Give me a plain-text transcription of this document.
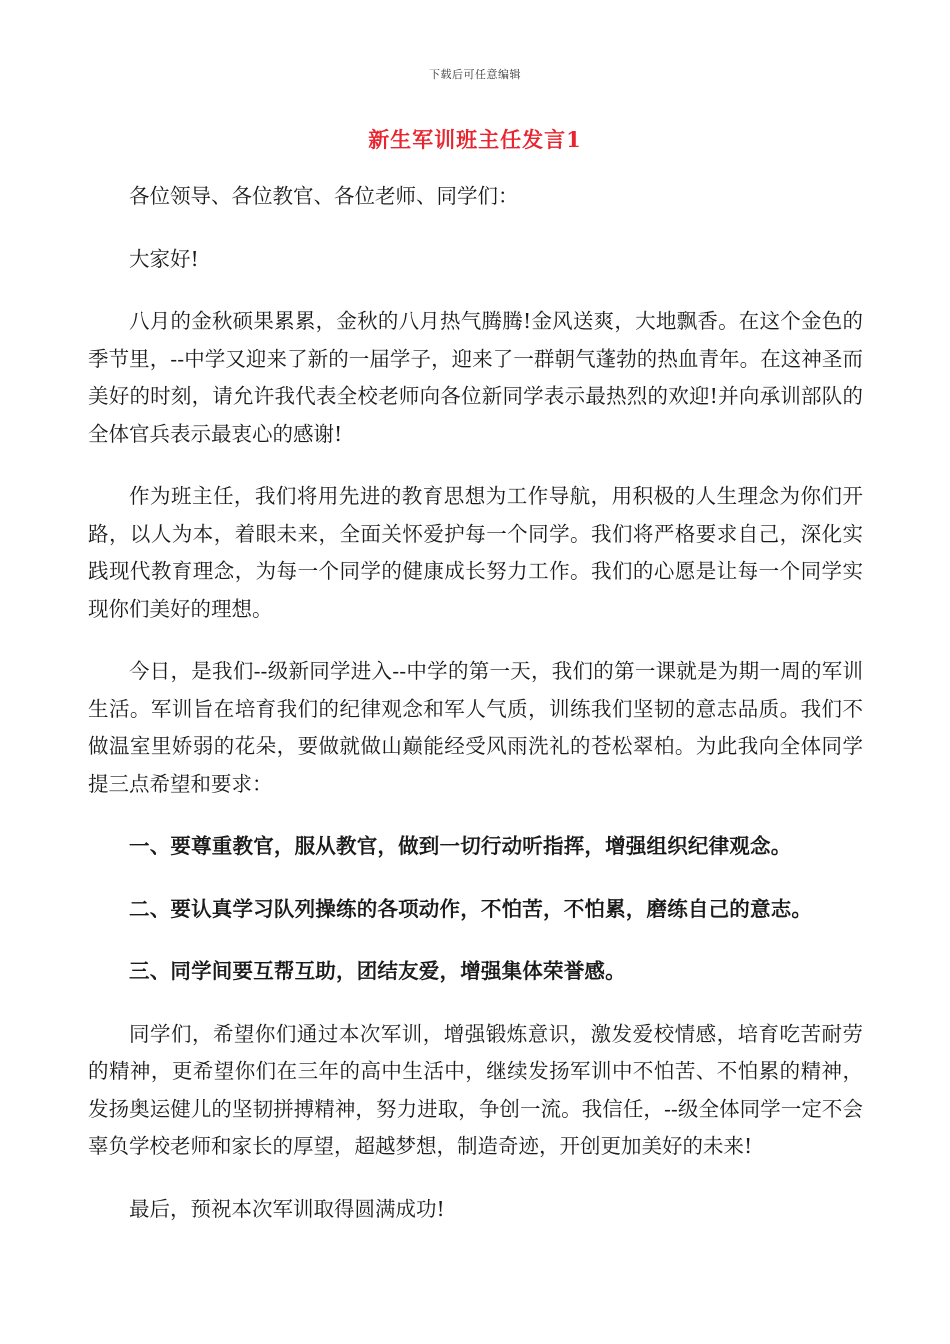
下载后可任意编辑
新生军训班主任发言1

各位领导、各位教官、各位老师、同学们：

大家好!

八月的金秋硕果累累，金秋的八月热气腾腾!金风送爽，大地飘香。在这个金色的季节里，--中学又迎来了新的一届学子，迎来了一群朝气蓬勃的热血青年。在这神圣而美好的时刻，请允许我代表全校老师向各位新同学表示最热烈的欢迎!并向承训部队的全体官兵表示最衷心的感谢!

作为班主任，我们将用先进的教育思想为工作导航，用积极的人生理念为你们开路，以人为本，着眼未来，全面关怀爱护每一个同学。我们将严格要求自己，深化实践现代教育理念，为每一个同学的健康成长努力工作。我们的心愿是让每一个同学实现你们美好的理想。

今日，是我们--级新同学进入--中学的第一天，我们的第一课就是为期一周的军训生活。军训旨在培育我们的纪律观念和军人气质，训练我们坚韧的意志品质。我们不做温室里娇弱的花朵，要做就做山巅能经受风雨洗礼的苍松翠柏。为此我向全体同学提三点希望和要求：

一、要尊重教官，服从教官，做到一切行动听指挥，增强组织纪律观念。

二、要认真学习队列操练的各项动作，不怕苦，不怕累，磨练自己的意志。

三、同学间要互帮互助，团结友爱，增强集体荣誉感。

同学们，希望你们通过本次军训，增强锻炼意识，激发爱校情感，培育吃苦耐劳的精神，更希望你们在三年的高中生活中，继续发扬军训中不怕苦、不怕累的精神，发扬奥运健儿的坚韧拼搏精神，努力进取，争创一流。我信任，--级全体同学一定不会辜负学校老师和家长的厚望，超越梦想，制造奇迹，开创更加美好的未来!

最后，预祝本次军训取得圆满成功!
